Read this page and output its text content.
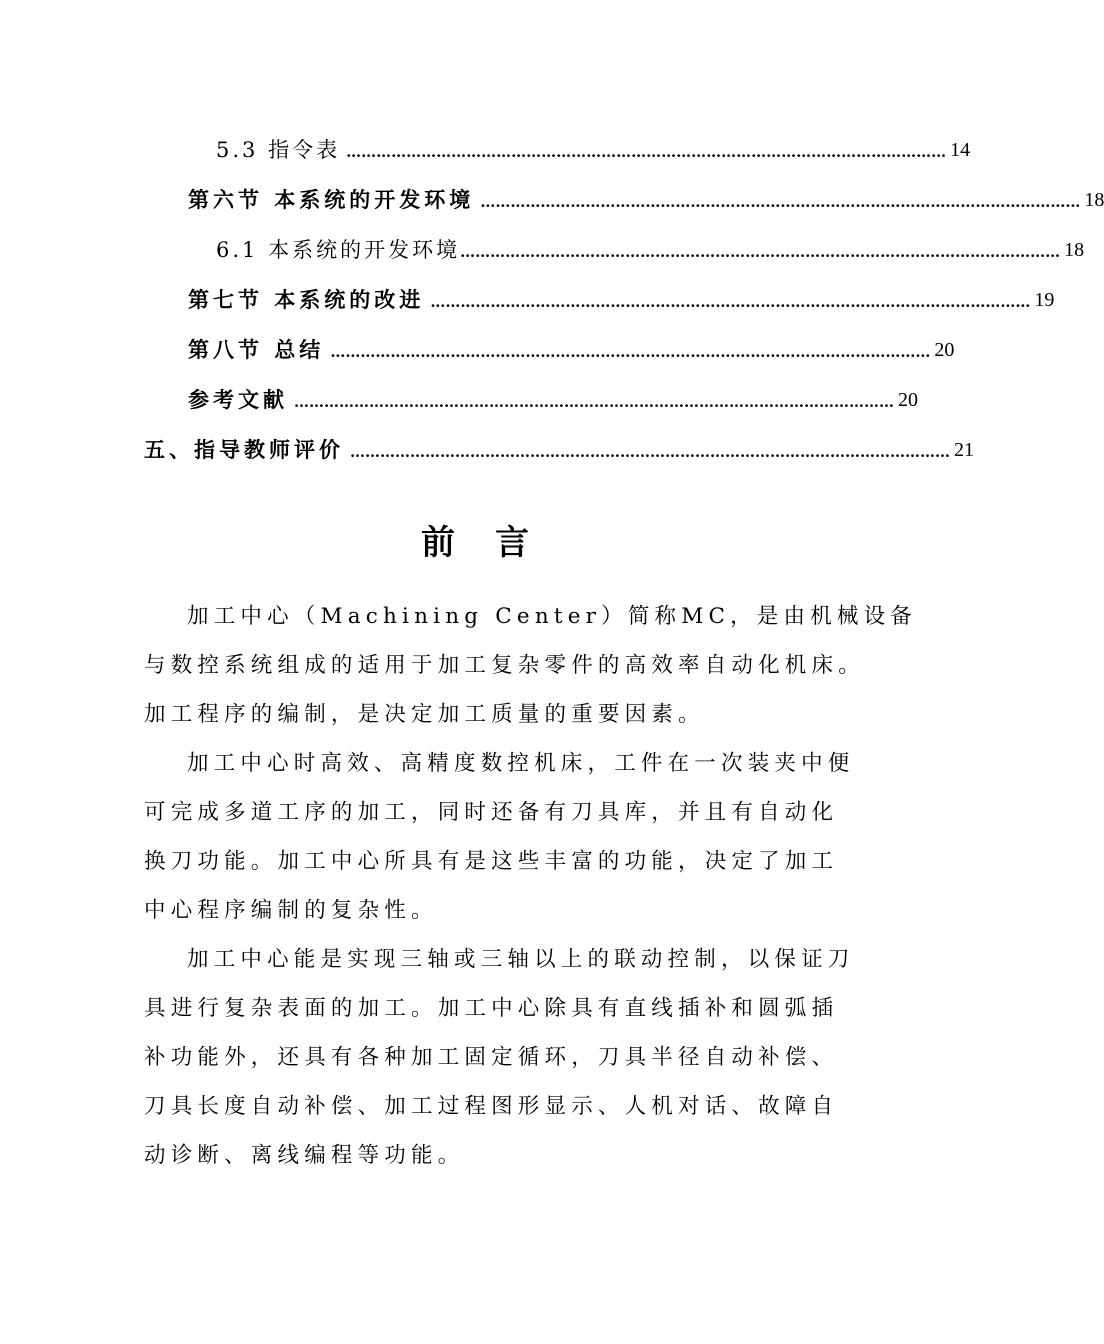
5.3 指令表 ………………………………………………………………………………………………………… 14
第六节 本系统的开发环境 ………………………………………………………………………………………………………… 18
6.1 本系统的开发环境 ………………………………………………………………………………………………………… 18
第七节 本系统的改进 ………………………………………………………………………………………………………… 19
第八节 总结 ………………………………………………………………………………………………………… 20
参考文献 ………………………………………………………………………………………………………… 20
五、指导教师评价 ………………………………………………………………………………………………………… 21
前言

加工中心（Machining Center）简称MC，是由机械设备
与数控系统组成的适用于加工复杂零件的高效率自动化机床。
加工程序的编制，是决定加工质量的重要因素。

加工中心时高效、高精度数控机床，工件在一次装夹中便
可完成多道工序的加工，同时还备有刀具库，并且有自动化
换刀功能。加工中心所具有是这些丰富的功能，决定了加工
中心程序编制的复杂性。

加工中心能是实现三轴或三轴以上的联动控制，以保证刀
具进行复杂表面的加工。加工中心除具有直线插补和圆弧插
补功能外，还具有各种加工固定循环，刀具半径自动补偿、
刀具长度自动补偿、加工过程图形显示、人机对话、故障自
动诊断、离线编程等功能。
